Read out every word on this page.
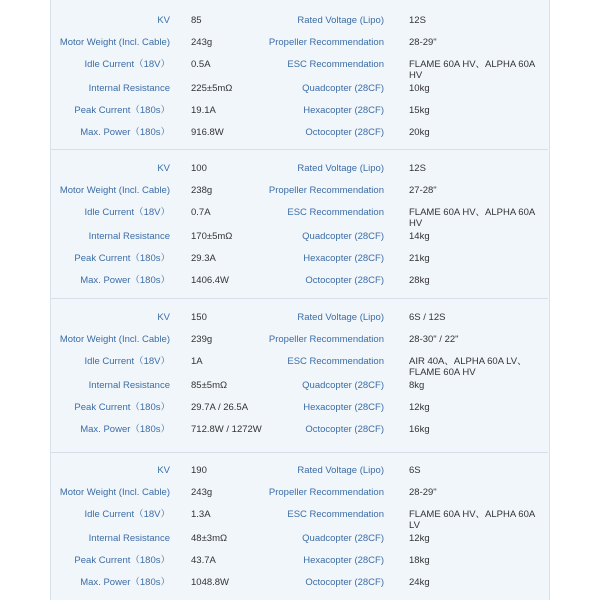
KV 85	Rated Voltage (Lipo)	12S
Motor Weight (Incl. Cable) 243g	Propeller Recommendation	28-29"
Idle Current（18V） 0.5A	ESC Recommendation	FLAME 60A HV、ALPHA 60A HV
Internal Resistance 225±5mΩ	Quadcopter (28CF)	10kg
Peak Current（180s） 19.1A	Hexacopter (28CF)	15kg
Max. Power（180s） 916.8W	Octocopter (28CF)	20kg
KV 100	Rated Voltage (Lipo)	12S
Motor Weight (Incl. Cable) 238g	Propeller Recommendation	27-28"
Idle Current（18V） 0.7A	ESC Recommendation	FLAME 60A HV、ALPHA 60A HV
Internal Resistance 170±5mΩ	Quadcopter (28CF)	14kg
Peak Current（180s） 29.3A	Hexacopter (28CF)	21kg
Max. Power（180s） 1406.4W	Octocopter (28CF)	28kg
KV 150	Rated Voltage (Lipo)	6S / 12S
Motor Weight (Incl. Cable) 239g	Propeller Recommendation	28-30" / 22"
Idle Current（18V） 1A	ESC Recommendation	AIR 40A、ALPHA 60A LV、FLAME 60A HV
Internal Resistance 85±5mΩ	Quadcopter (28CF)	8kg
Peak Current（180s） 29.7A / 26.5A	Hexacopter (28CF)	12kg
Max. Power（180s） 712.8W / 1272W	Octocopter (28CF)	16kg
KV 190	Rated Voltage (Lipo)	6S
Motor Weight (Incl. Cable) 243g	Propeller Recommendation	28-29"
Idle Current（18V） 1.3A	ESC Recommendation	FLAME 60A HV、ALPHA 60A LV
Internal Resistance 48±3mΩ	Quadcopter (28CF)	12kg
Peak Current（180s） 43.7A	Hexacopter (28CF)	18kg
Max. Power（180s） 1048.8W	Octocopter (28CF)	24kg
